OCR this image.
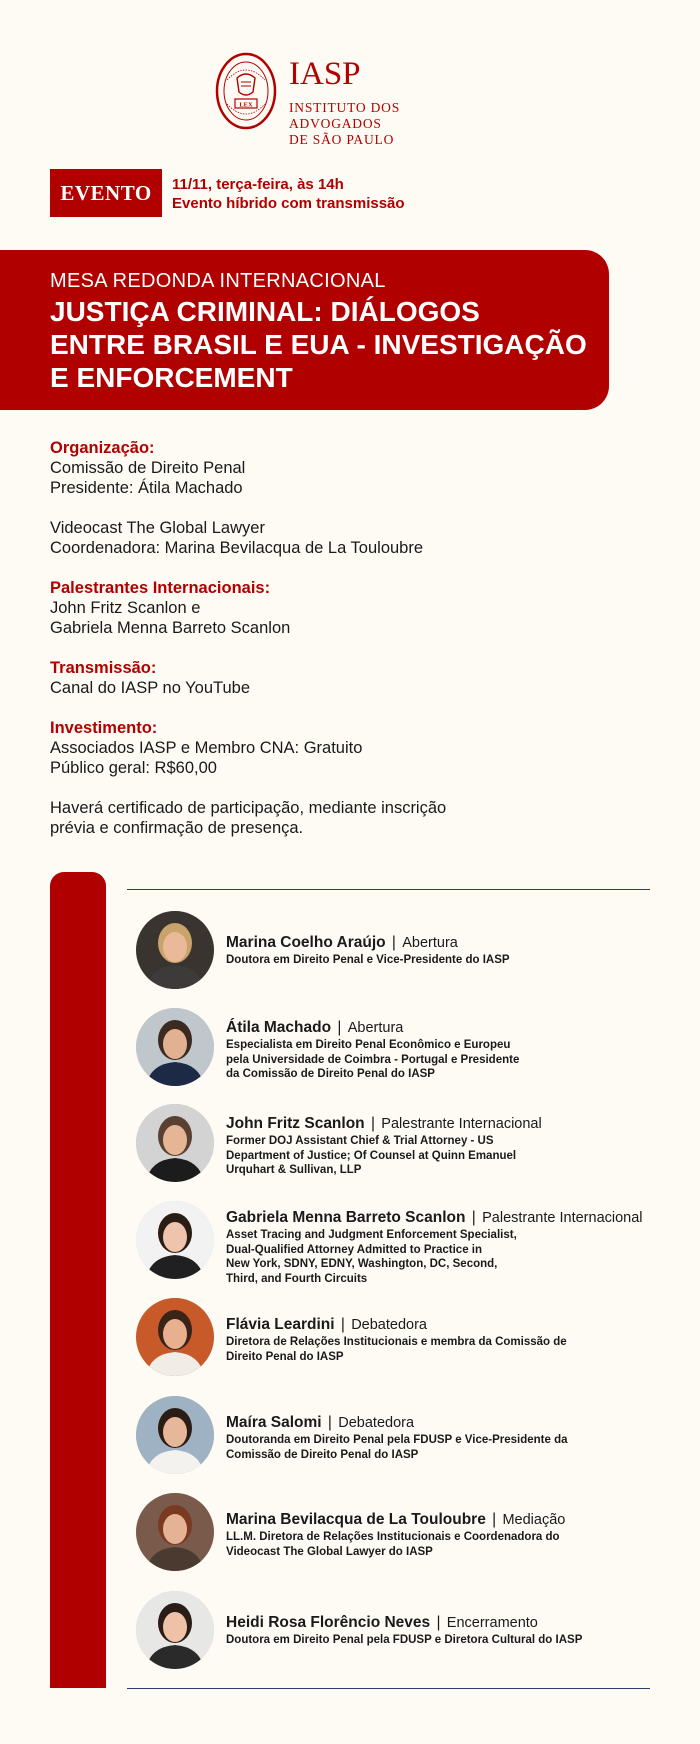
LEX
IASP
INSTITUTO DOS ADVOGADOS
DE SÃO PAULO
EVENTO	11/11, terça-feira, às 14h
Evento híbrido com transmissão
MESA REDONDA INTERNACIONAL
JUSTIÇA CRIMINAL: DIÁLOGOS
ENTRE BRASIL E EUA - INVESTIGAÇÃO
E ENFORCEMENT
Organização:
Comissão de Direito Penal
Presidente: Átila Machado
Videocast The Global Lawyer
Coordenadora: Marina Bevilacqua de La Touloubre
Palestrantes Internacionais:
John Fritz Scanlon e
Gabriela Menna Barreto Scanlon
Transmissão:
Canal do IASP no YouTube
Investimento:
Associados IASP e Membro CNA: Gratuito
Público geral: R$60,00
Haverá certificado de participação, mediante inscrição
prévia e confirmação de presença.
Marina Coelho Araújo | Abertura
Doutora em Direito Penal e Vice-Presidente do IASP
Átila Machado | Abertura
Especialista em Direito Penal Econômico e Europeu
pela Universidade de Coimbra - Portugal e Presidente
da Comissão de Direito Penal do IASP
John Fritz Scanlon | Palestrante Internacional
Former DOJ Assistant Chief & Trial Attorney - US
Department of Justice; Of Counsel at Quinn Emanuel
Urquhart & Sullivan, LLP
Gabriela Menna Barreto Scanlon | Palestrante Internacional
Asset Tracing and Judgment Enforcement Specialist,
Dual-Qualified Attorney Admitted to Practice in
New York, SDNY, EDNY, Washington, DC, Second,
Third, and Fourth Circuits
Flávia Leardini | Debatedora
Diretora de Relações Institucionais e membra da Comissão de
Direito Penal do IASP
Maíra Salomi | Debatedora
Doutoranda em Direito Penal pela FDUSP e Vice-Presidente da
Comissão de Direito Penal do IASP
Marina Bevilacqua de La Touloubre | Mediação
LL.M. Diretora de Relações Institucionais e Coordenadora do
Videocast The Global Lawyer do IASP
Heidi Rosa Florêncio Neves | Encerramento
Doutora em Direito Penal pela FDUSP e Diretora Cultural do IASP
